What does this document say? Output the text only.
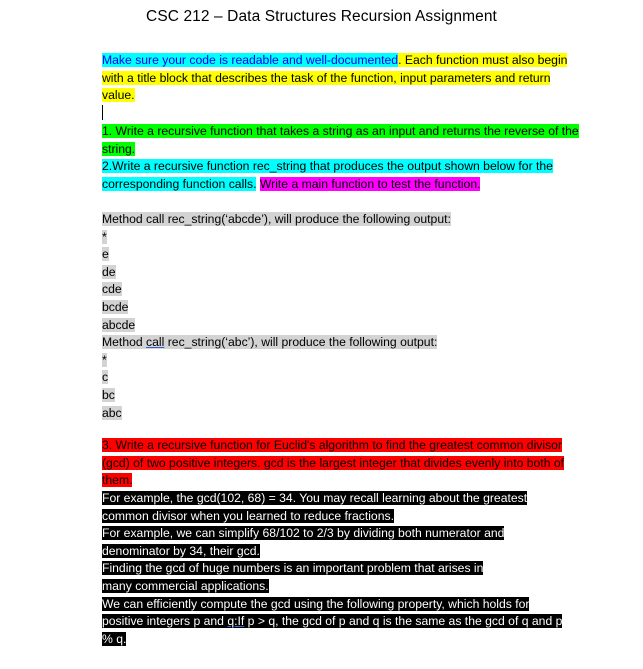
CSC 212 – Data Structures Recursion Assignment

Make sure your code is readable and well-documented. Each function must also begin with a title block that describes the task of the function, input parameters and return value.

1. Write a recursive function that takes a string as an input and returns the reverse of the string.

2.Write a recursive function rec_string that produces the output shown below for the corresponding function calls. Write a main function to test the function.

Method call rec_string(‘abcde’), will produce the following output:

*

e

de

cde

bcde

abcde

Method call rec_string(‘abc’), will produce the following output:

*

c

bc

abc

3. Write a recursive function for Euclid's algorithm to find the greatest common divisor (gcd) of two positive integers. gcd is the largest integer that divides evenly into both of them.

For example, the gcd(102, 68) = 34. You may recall learning about the greatest

common divisor when you learned to reduce fractions.

For example, we can simplify 68/102 to 2/3 by dividing both numerator and

denominator by 34, their gcd.

Finding the gcd of huge numbers is an important problem that arises in

many commercial applications.

We can efficiently compute the gcd using the following property, which holds for

positive integers p and q:If p > q, the gcd of p and q is the same as the gcd of q and p

% q.
